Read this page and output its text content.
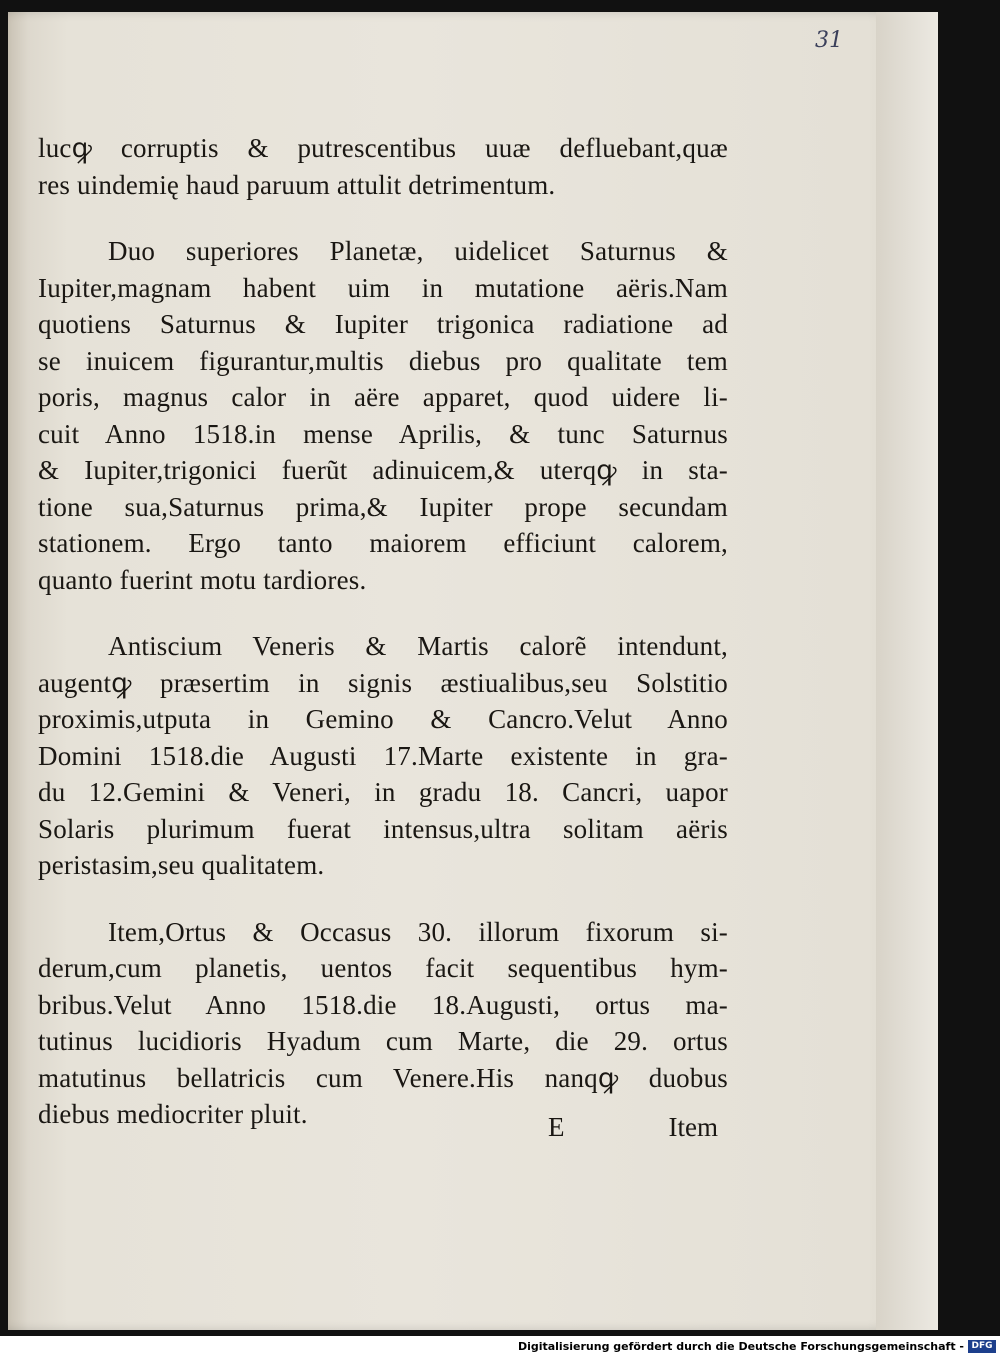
31
lucꝙ corruptis & putrescentibus uuæ defluebant,quæ
res uindemię haud paruum attulit detrimentum.
Duo superiores Planetæ, uidelicet Saturnus &
Iupiter,magnam habent uim in mutatione aëris.Nam
quotiens Saturnus & Iupiter trigonica radiatione ad
se inuicem figurantur,multis diebus pro qualitate tem
poris, magnus calor in aëre apparet, quod uidere li-
cuit Anno 1518.in mense Aprilis, & tunc Saturnus
& Iupiter,trigonici fuerũt adinuicem,& uterqꝙ in sta-
tione sua,Saturnus prima,& Iupiter prope secundam
stationem. Ergo tanto maiorem efficiunt calorem,
quanto fuerint motu tardiores.
Antiscium Veneris & Martis calorẽ intendunt,
augentꝙ præsertim in signis æstiualibus,seu Solstitio
proximis,utputa in Gemino & Cancro.Velut Anno
Domini 1518.die Augusti 17.Marte existente in gra-
du 12.Gemini & Veneri, in gradu 18. Cancri, uapor
Solaris plurimum fuerat intensus,ultra solitam aëris
peristasim,seu qualitatem.
Item,Ortus & Occasus 30. illorum fixorum si-
derum,cum planetis, uentos facit sequentibus hym-
bribus.Velut Anno 1518.die 18.Augusti, ortus ma-
tutinus lucidioris Hyadum cum Marte, die 29. ortus
matutinus bellatricis cum Venere.His nanqꝙ duobus
diebus mediocriter pluit.	E	Item
Digitalisierung gefördert durch die Deutsche Forschungsgemeinschaft - DFG
